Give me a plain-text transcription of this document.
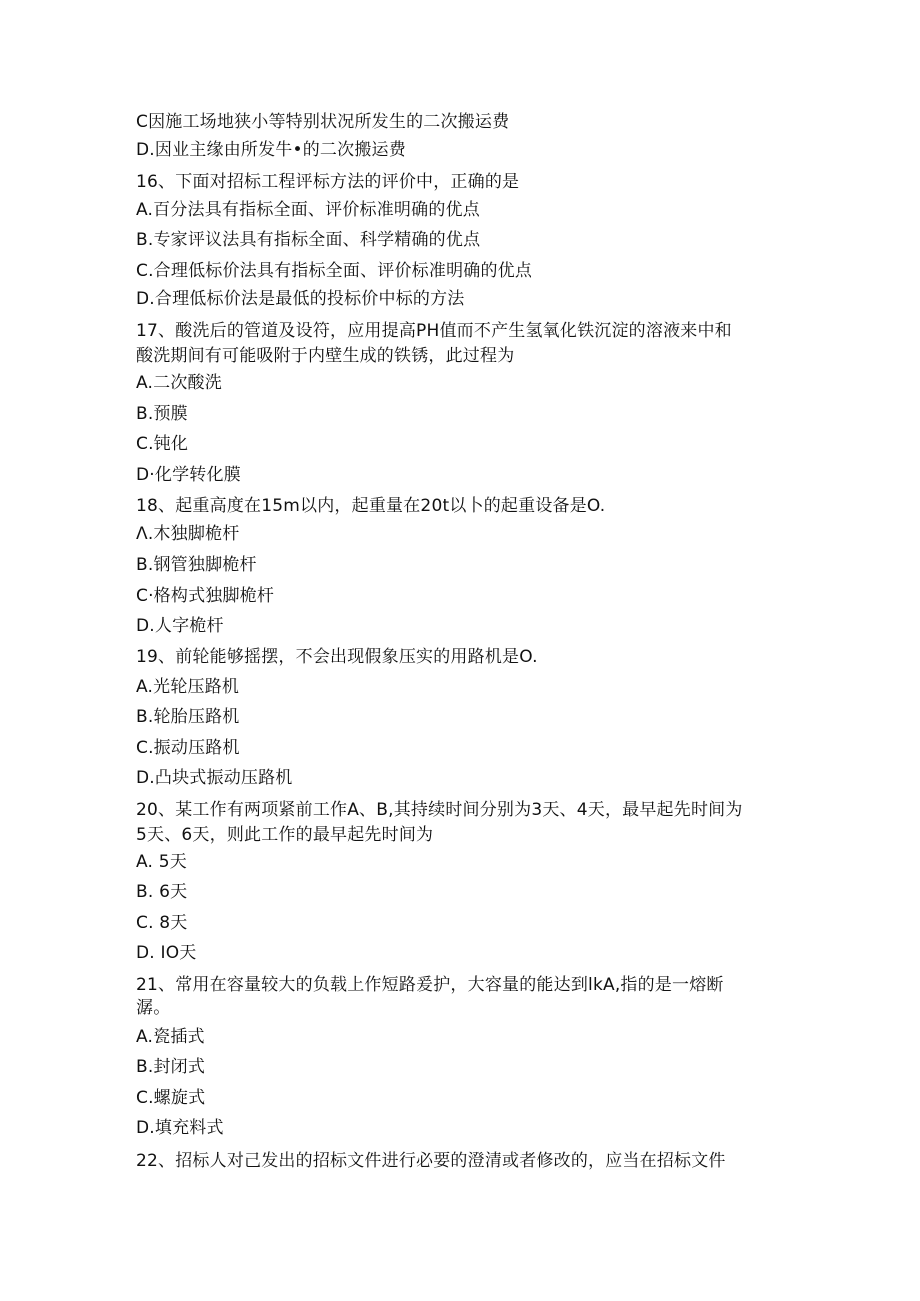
C因施工场地狭小等特别状况所发生的二次搬运费
D.因业主缘由所发牛•的二次搬运费
16、下面对招标工程评标方法的评价中，正确的是
A.百分法具有指标全面、评价标准明确的优点
B.专家评议法具有指标全面、科学精确的优点
C.合理低标价法具有指标全面、评价标准明确的优点
D.合理低标价法是最低的投标价中标的方法
17、酸洗后的管道及设符，应用提高PH值而不产生氢氧化铁沉淀的溶液来中和
酸洗期间有可能吸附于内壁生成的铁锈，此过程为
A.二次酸洗
B.预膜
C.钝化
D·化学转化膜
18、起重高度在15m以内，起重量在20t以卜的起重设备是O.
Λ.木独脚桅杆
B.钢管独脚桅杆
C·格构式独脚桅杆
D.人字桅杆
19、前轮能够摇摆，不会出现假象压实的用路机是O.
A.光轮压路机
B.轮胎压路机
C.振动压路机
D.凸块式振动压路机
20、某工作有两项紧前工作A、B,其持续时间分别为3天、4天，最早起先时间为
5天、6天，则此工作的最早起先时间为
A. 5天
B. 6天
C. 8天
D. IO天
21、常用在容量较大的负载上作短路爰护，大容量的能达到lkA,指的是一熔断
潺。
A.瓷插式
B.封闭式
C.螺旋式
D.填充料式
22、招标人对己发出的招标文件进行必要的澄清或者修改的，应当在招标文件
